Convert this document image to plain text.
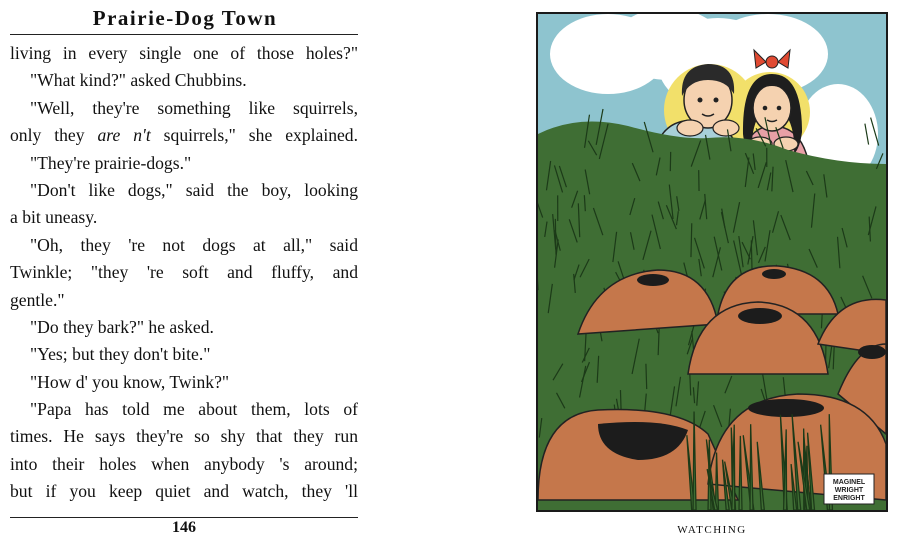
Prairie-Dog Town
living in every single one of those holes?"
"What kind?" asked Chubbins.
"Well, they're something like squirrels,
only they are n't squirrels," she explained.
"They're prairie-dogs."
"Don't like dogs," said the boy, looking
a bit uneasy.
"Oh, they 're not dogs at all," said
Twinkle; "they 're soft and fluffy, and
gentle."
"Do they bark?" he asked.
"Yes; but they don't bite."
"How d' you know, Twink?"
"Papa has told me about them, lots of
times. He says they're so shy that they run
into their holes when anybody 's around;
but if you keep quiet and watch, they 'll
146
MAGINEL
WRIGHT
ENRIGHT
WATCHING
